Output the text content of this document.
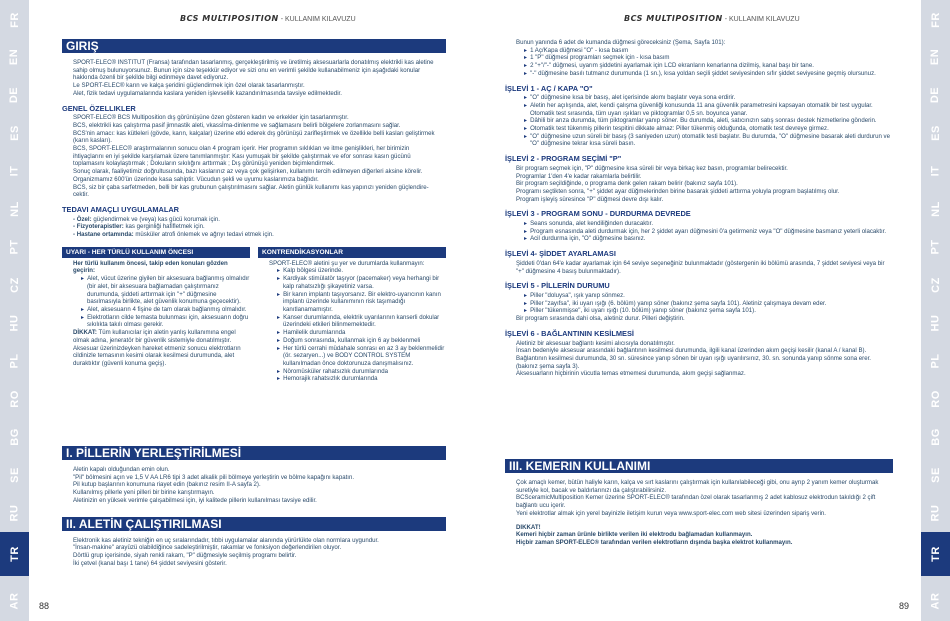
FR
EN
DE
ES
IT
NL
PT
CZ
HU
PL
RO
BG
SE
RU
TR
AR
FR
EN
DE
ES
IT
NL
PT
CZ
HU
PL
RO
BG
SE
RU
TR
AR
BCS MULTIPOSITION - KULLANIM KILAVUZU	BCS MULTIPOSITION - KULLANIM KILAVUZU
GIRIŞ

SPORT-ELEC® INSTITUT (Fransa) tarafından tasarlanmış, gerçekleştirilmiş ve üretilmiş aksesuarlarla donatılmış elektrikli kas aletine

sahip olmuş bulunuyorsunuz. Bunun için size teşekkür ediyor ve sizi onu en verimli şekilde kullanabilmeniz için aşağıdaki konular

hakkında özenli bir şekilde bilgi edinmeye davet ediyoruz.

Le SPORT-ELEC® karın ve kalça şeridini güçlendirmek için özel olarak tasarlanmıştır.

Alet, fizik tedavi uygulamalarında kaslara yeniden işlevsellik kazandırılmasında tavsiye edilmektedir.

GENEL ÖZELLIKLER

SPORT-ELEC® BCS Multiposition dış görünüşüne özen gösteren kadın ve erkekler için tasarlanmıştır.

BCS, elektrikli kas çalıştırma pasif jimnastik aleti, vkassİma-dinlenme ve sağlamasını belirli bölgelere zorlanmasını sağlar.

BCS'nin amacı: kas kütleleri (gövde, karın, kalçalar) üzerine etki ederek dış görünüşü zarifleştirmek ve özellikle belli kasları geliştirmek

(karın kasları).

BCS, SPORT-ELEC® araştırmalarının sonucu olan 4 program içerir. Her programın sıklıkları ve itme genişlikleri, her birimizin

ihtiyaçlarını en iyi şekilde karşılamak üzere tanımlanmıştır: Kası yumuşak bir şekilde çalıştırmak ve efor sonrası kasın gücünü

toplamasını kolaylaştırmak ; Dokuların sıkılığını arttırmak ; Dış görünüşü yeniden biçimlendirmek.

Sonuç olarak, faaliyetimiz doğrultusunda, bazı kaslarınız az veya çok gelişirken, kullanımı tercih edilmeyen diğerleri aksine körelir.

Organizmamız 600'ün üzerinde kasa sahiptir. Vücudun şekli ve uyumu kaslarımıza bağlıdır.

BCS, siz bir çaba sarfetmeden, belli bir kas grubunun çalıştırılmasını sağlar. Aletin günlük kullanımı kas yapınızı yeniden güçlendire-

cektir.

TEDAVI AMAÇLI UYGULAMALAR

- Özel: güçlendirmek ve (veya) kas gücü korumak için.

- Fizyoterapistler: kas gerginliği hafifletmek için.

- Hastane ortamında: müsküler atrofi önlemek ve ağrıyı tedavi etmek için.

UYARI - HER TÜRLÜ KULLANIM ÖNCESI

Her türlü kullanım öncesi, takip eden konuları gözden geçirin:

▸ Alet, vücut üzerine giyilen bir aksesuara bağlanmış olmalıdır (bir alet, bir aksesuara bağlamadan çalıştırmanız durumunda, şiddeti arttırmak için "+" düğmesine basılmasıyla birlikte, alet güvenlik konumuna geçecektir).

▸ Alet, aksesuarın 4 fişine de tam olarak bağlanmış olmalıdır.

▸ Elektrotların cilde temasta bulunması için, aksesuarın doğru sıkılıkta takılı olması gerekir.

DİKKAT: Tüm kullanıcılar için aletin yanlış kullanımına engel olmak adına, jeneratör bir güvenlik sistemiyle donatılmıştır. Aksesuar üzerinizdeyken hareket etmeniz sonucu elektrotların cildinizle temasının kesimi olarak kesilmesi durumunda, alet duraktıktır (güvenli konuma geçiş).

KONTRENDİKASYONLAR

SPORT-ELEC® aletini şu yer ve durumlarda kullanmayın:

▸ Kalp bölgesi üzerinde.

▸ Kardiyak stimülatör taşıyor (pacemaker) veya herhangi bir kalp rahatsızlığı şikayetiniz varsa.

▸ Bir kanın implantı taşıyorsanız. Bir elektro-uyarıcının kanın implantı üzerinde kullanımının risk taşımadığı kanıtlanamamıştır.

▸ Kanser durumlarında, elektrik uyarılarının kanserli dokular üzerindeki etkileri bilinmemektedir.

▸ Hamilelik durumlarında

▸ Doğum sonrasında, kullanmak için 6 ay beklenmeli

▸ Her türlü cerrahi müdahale sonrası en az 3 ay beklenmelidir (ör. sezaryen...) ve BODY CONTROL SYSTEM kullanılmadan önce doktorunuza danışmalısınız.

▸ Nöromüsküler rahatsızlık durumlarında

▸ Hemorajik rahatsızlık durumlarında

I. PİLLERİN YERLEŞTİRİLMESİ

Aletin kapalı olduğundan emin olun.

"Pil" bölmesini açın ve 1,5 V AA LR6 tipi 3 adet alkalik pili bölmeye yerleştirin ve bölme kapağını kapatın.

Pil kutup başlarının konumuna riayet edin (bakınız resim II-A sayfa 2).

Kullanılmış pillerle yeni pilleri bir birine karıştırmayın.

Aletinizin en yüksek verimle çalışabilmesi için, iyi kalitede pillerin kullanılması tavsiye edilir.

II. ALETİN ÇALIŞTIRILMASI

Elektronik kas aletiniz tekniğin en uç sıralarındadır, tıbbi uygulamalar alanında yürürlükte olan normlara uygundur.

"İnsan-makine" arayüzü olabildiğince sadeleştirilmiştir, rakamlar ve fonksiyon değerlendirilen oluyor.

Dörtlü grup içerisinde, siyah renkli rakam, "P" düğmesiyle seçilmiş programı belirtir.

İki çetvel (kanal başı 1 tane) 64 şiddet seviyesini gösterir.

88

Bunun yanında 6 adet de kumanda düğmesi göreceksiniz (Şema, Sayfa 101):

▸ 1 Aç/Kapa düğmesi "O" - kısa basım

▸ 1 "P" düğmesi programları seçmek için - kısa basım

▸ 2 "+"/"-" düğmesi, uyarım şiddetini ayarlamak için LCD ekranların kenarlarına dizilmiş, kanal başı bir tane.

▸ "-" düğmesine basılı tutmanız durumunda (1 sn.), kısa yoldan seçili şiddet seviyesinden sıfır şiddet seviyesine geçmiş olursunuz.

İŞLEVİ 1 - AÇ / KAPA "O"

▸ "O" düğmesine kısa bir basış, alet içerisinde akımı başlatır veya sona erdirir.

▸ Aletin her açılışında, alet, kendi çalışma güvenliği konusunda 11 ana güvenlik parametresini kapsayan otomatik bir test uygular. Otomatik test sırasında, tüm uyarı ışıkları ve piktogramlar 0,5 sn. boyunca yanar.

▸ Dâhili bir arıza durumda, tüm piktogramlar yanıp söner. Bu durumda, aleti, satıcınızın satış sonrası destek hizmetlerine gönderin.

▸ Otomatik test tükenmiş pillerin tespitini dikkate almaz: Piller tükenmiş olduğunda, otomatik test devreye girmez.

▸ "O" düğmesine uzun süreli bir basış (3 saniyeden uzun) otomatik testi başlatır. Bu durumda, "O" düğmesine basarak aleti durdurun ve "O" düğmesine tekrar kısa süreli basın.

İŞLEVİ 2 - PROGRAM SEÇİMİ "P"

Bir program seçmek için, "P" düğmesine kısa süreli bir veya birkaç kez basın, programlar belirecektir.

Programlar 1'den 4'e kadar rakamlarla belirtilir.

Bir program seçildiğinde, o programa denk gelen rakam belirir (bakınız sayfa 101).

Programı seçtikten sonra, "+" şiddet ayar düğmelerinden birine basarak şiddeti arttırma yoluyla program başlatılmış olur.

Program işleyiş süresince "P" düğmesi devre dışı kalır.

İŞLEVİ 3 - PROGRAM SONU - DURDURMA DEVREDE

▸ Seans sonunda, alet kendiliğinden duracaktır.

▸ Program esnasında aleti durdurmak için, her 2 şiddet ayarı düğmesini 0'a getirmeniz veya "O" düğmesine basmanız yeterli olacaktır.

▸ Acil durdurma için, "O" düğmesine basınız.

İŞLEVİ 4- ŞİDDET AYARLAMASI

Şiddeti 0'dan 64'e kadar ayarlamak için 64 seviye seçeneğiniz bulunmaktadır (göstergenin iki bölümü arasında, 7 şiddet seviyesi veya bir "+" düğmesine 4 basış bulunmaktadır).

İŞLEVİ 5 - PİLLERİN DURUMU

▸ Piller "doluysa", ışık yanıp sönmez.

▸ Piller "zayıfsa", iki uyarı ışığı (6. bölüm) yanıp söner (bakınız şema sayfa 101). Aletiniz çalışmaya devam eder.

▸ Piller "tükenmişse", iki uyarı ışığı (10. bölüm) yanıp söner (bakınız şema sayfa 101).

Bir program sırasında dahi olsa, aletiniz durur. Pilleri değiştirin.

İŞLEVİ 6 - BAĞLANTININ KESİLMESİ

Aletiniz bir aksesuar bağlantı kesimi alıcısıyla donatılmıştır.

İnsan bedeniyle aksesuar arasındaki bağlantının kesilmesi durumunda, ilgili kanal üzerinden akım geçişi kesilir (kanal A / kanal B).

Bağlantının kesilmesi durumunda, 30 sn. süresince yanıp sönen bir uyarı ışığı uyarılırsınız, 30. sn. sonunda yanıp sönme sona erer. (bakınız şema sayfa 3).

Aksesuarların hiçbirinin vücutla temas etmemesi durumunda, akım geçişi sağlanmaz.

III. KEMERIN KULLANIMI

Çok amaçlı kemer, bütün haliyle karın, kalça ve sırt kaslarını çalıştırmak için kullanılabileceği gibi, onu ayrıp 2 yanım kemer oluşturmak suretiyle kol, bacak ve baldırlarınızı da çalıştırabilirsiniz.

BCSceramicMultiposition Kemer üzerine SPORT-ELEC® tarafından özel olarak tasarlanmış 2 adet kablosuz elektrodun takıldığı 2 çift bağlantı ucu içerir.

Yeni elektrotlar almak için yerel bayinizle iletişim kurun veya www.sport-elec.com web sitesi üzerinden sipariş verin.

DIKKAT!

Kemeri hiçbir zaman ürünle birlikte verilen iki elektrodu bağlamadan kullanmayın.

Hiçbir zaman SPORT-ELEC® tarafından verilen elektrotların dışında başka elektrot kullanmayın.

89
